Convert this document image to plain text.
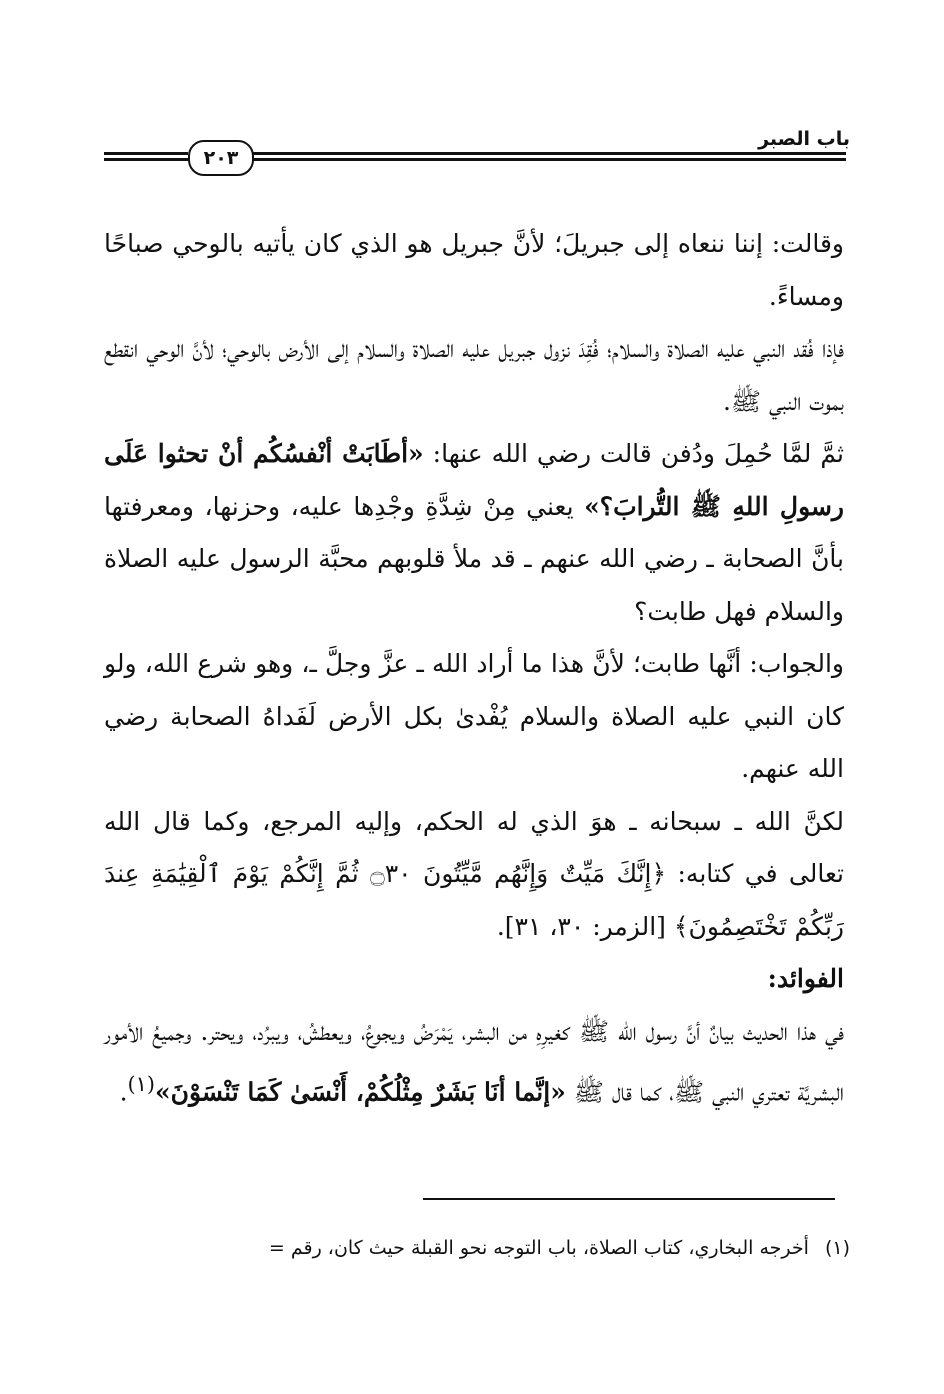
باب الصبر
٢٠٣

وقالت: إننا ننعاه إلى جبريلَ؛ لأنَّ جبريل هو الذي كان يأتيه بالوحي صباحًا ومساءً.

فإذا فُقد النبي عليه الصلاة والسلام؛ فُقِدَ نزول جبريل عليه الصلاة والسلام إلى الأرض بالوحي؛ لأنَّ الوحي انقطع بموت النبي ﷺ.

ثمَّ لمَّا حُمِلَ ودُفن قالت رضي الله عنها: «أطَابَتْ أنْفسُكُم أنْ تحثوا عَلَى رسولِ اللهِ ﷺ التُّرابَ؟» يعني مِنْ شِدَّةِ وجْدِها عليه، وحزنها، ومعرفتها بأنَّ الصحابة ـ رضي الله عنهم ـ قد ملأ قلوبهم محبَّة الرسول عليه الصلاة والسلام فهل طابت؟

والجواب: أنَّها طابت؛ لأنَّ هذا ما أراد الله ـ عزَّ وجلَّ ـ، وهو شرع الله، ولو كان النبي عليه الصلاة والسلام يُفْدىٰ بكل الأرض لَفَداهُ الصحابة رضي الله عنهم.

لكنَّ الله ـ سبحانه ـ هوَ الذي له الحكم، وإليه المرجع، وكما قال الله تعالى في كتابه: ﴿إِنَّكَ مَيِّتٌ وَإِنَّهُم مَّيِّتُونَ ۝٣٠ ثُمَّ إِنَّكُمْ يَوْمَ ٱلْقِيَٰمَةِ عِندَ رَبِّكُمْ تَخْتَصِمُونَ﴾ [الزمر: ٣٠، ٣١].

الفوائد:

في هذا الحديث بيانٌ أنَّ رسول الله ﷺ كغيرِهِ من البشر، يَمْرَضُ ويجوعُ، ويعطشُ، ويبرُد، ويحتر. وجميعُ الأمور البشريَّة تعتري النبي ﷺ، كما قال ﷺ «إنَّما أنَا بَشَرٌ مِثْلُكُمْ، أَنْسَىٰ كَمَا تَنْسَوْنَ»$^{(١)}$.

(١) أخرجه البخاري، كتاب الصلاة، باب التوجه نحو القبلة حيث كان، رقم =
